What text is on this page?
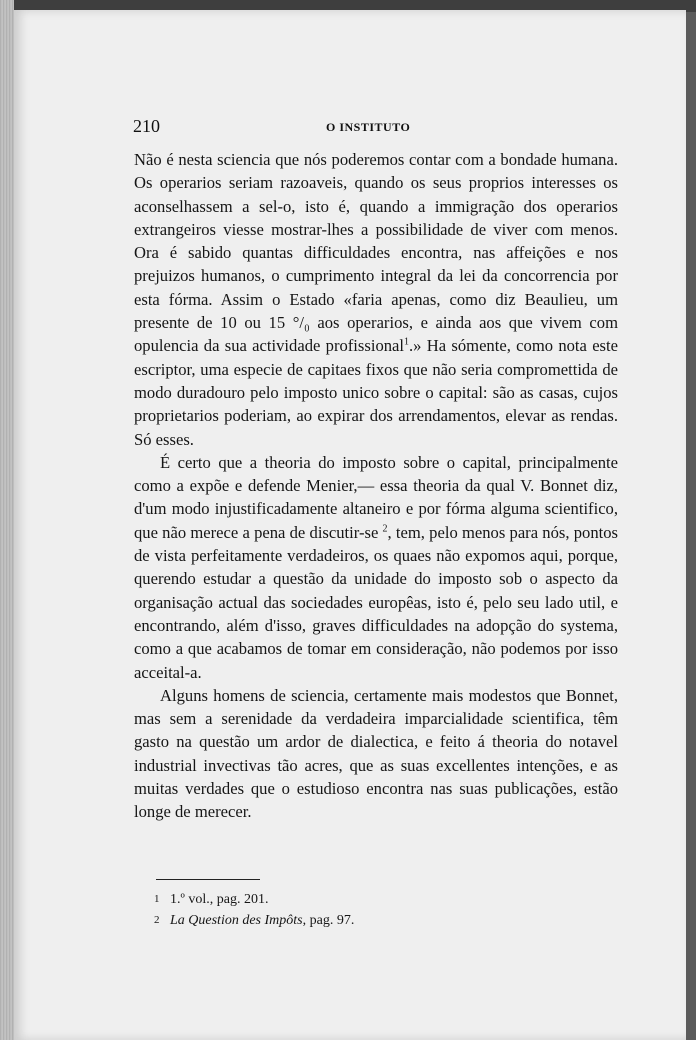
210	O INSTITUTO

Não é nesta sciencia que nós poderemos contar com a bondade humana. Os operarios seriam razoaveis, quando os seus proprios interesses os aconselhassem a sel-o, isto é, quando a immigração dos operarios extrangeiros viesse mostrar-lhes a possibilidade de viver com menos. Ora é sabido quantas difficuldades encontra, nas affeições e nos prejuizos humanos, o cumprimento integral da lei da concorrencia por esta fórma. Assim o Estado «faria apenas, como diz Beaulieu, um presente de 10 ou 15 °/₀ aos operarios, e ainda aos que vivem com opulencia da sua actividade profissional$^1$.» Ha sómente, como nota este escriptor, uma especie de capitaes fixos que não seria compromettida de modo duradouro pelo imposto unico sobre o capital: são as casas, cujos proprietarios poderiam, ao expirar dos arrendamentos, elevar as rendas. Só esses.

É certo que a theoria do imposto sobre o capital, principalmente como a expõe e defende Menier,— essa theoria da qual V. Bonnet diz, d'um modo injustificadamente altaneiro e por fórma alguma scientifico, que não merece a pena de discutir-se $^2$, tem, pelo menos para nós, pontos de vista perfeitamente verdadeiros, os quaes não expomos aqui, porque, querendo estudar a questão da unidade do imposto sob o aspecto da organisação actual das sociedades europêas, isto é, pelo seu lado util, e encontrando, além d'isso, graves difficuldades na adopção do systema, como a que acabamos de tomar em consideração, não podemos por isso acceital-a.

Alguns homens de sciencia, certamente mais modestos que Bonnet, mas sem a serenidade da verdadeira imparcialidade scientifica, têm gasto na questão um ardor de dialectica, e feito á theoria do notavel industrial invectivas tão acres, que as suas excellentes intenções, e as muitas verdades que o estudioso encontra nas suas publicações, estão longe de merecer.

1 1.º vol., pag. 201.
2 La Question des Impôts, pag. 97.
